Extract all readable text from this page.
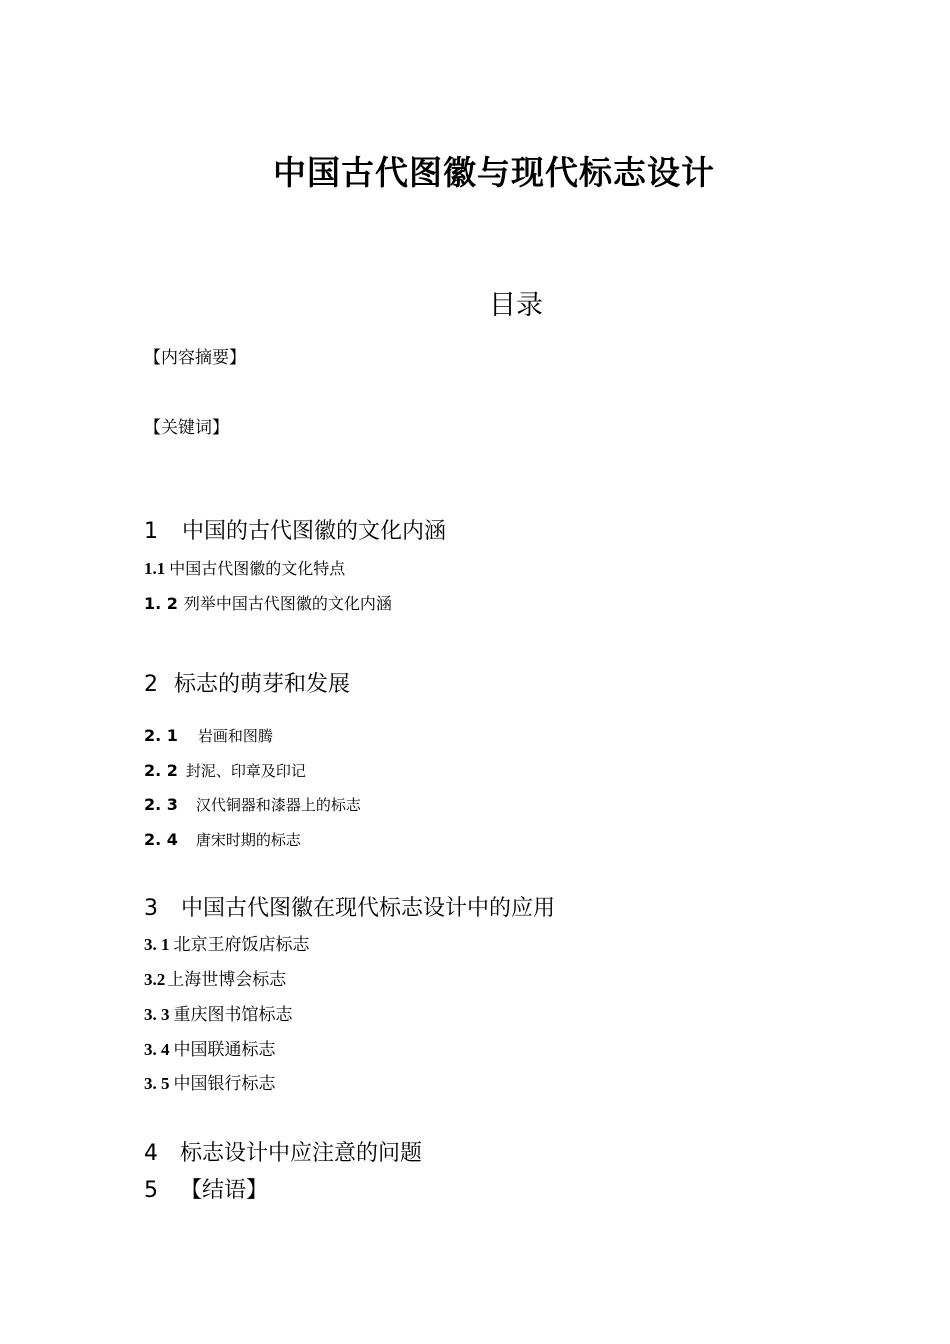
中国古代图徽与现代标志设计
目录
【内容摘要】
【关键词】
1 中国的古代图徽的文化内涵
1.1 中国古代图徽的文化特点
1. 2 列举中国古代图徽的文化内涵
2 标志的萌芽和发展
2. 1 岩画和图腾
2. 2 封泥、印章及印记
2. 3 汉代铜器和漆器上的标志
2. 4 唐宋时期的标志
3 中国古代图徽在现代标志设计中的应用
3. 1 北京王府饭店标志
3.2 上海世博会标志
3. 3 重庆图书馆标志
3. 4 中国联通标志
3. 5 中国银行标志
4 标志设计中应注意的问题
5 【结语】
